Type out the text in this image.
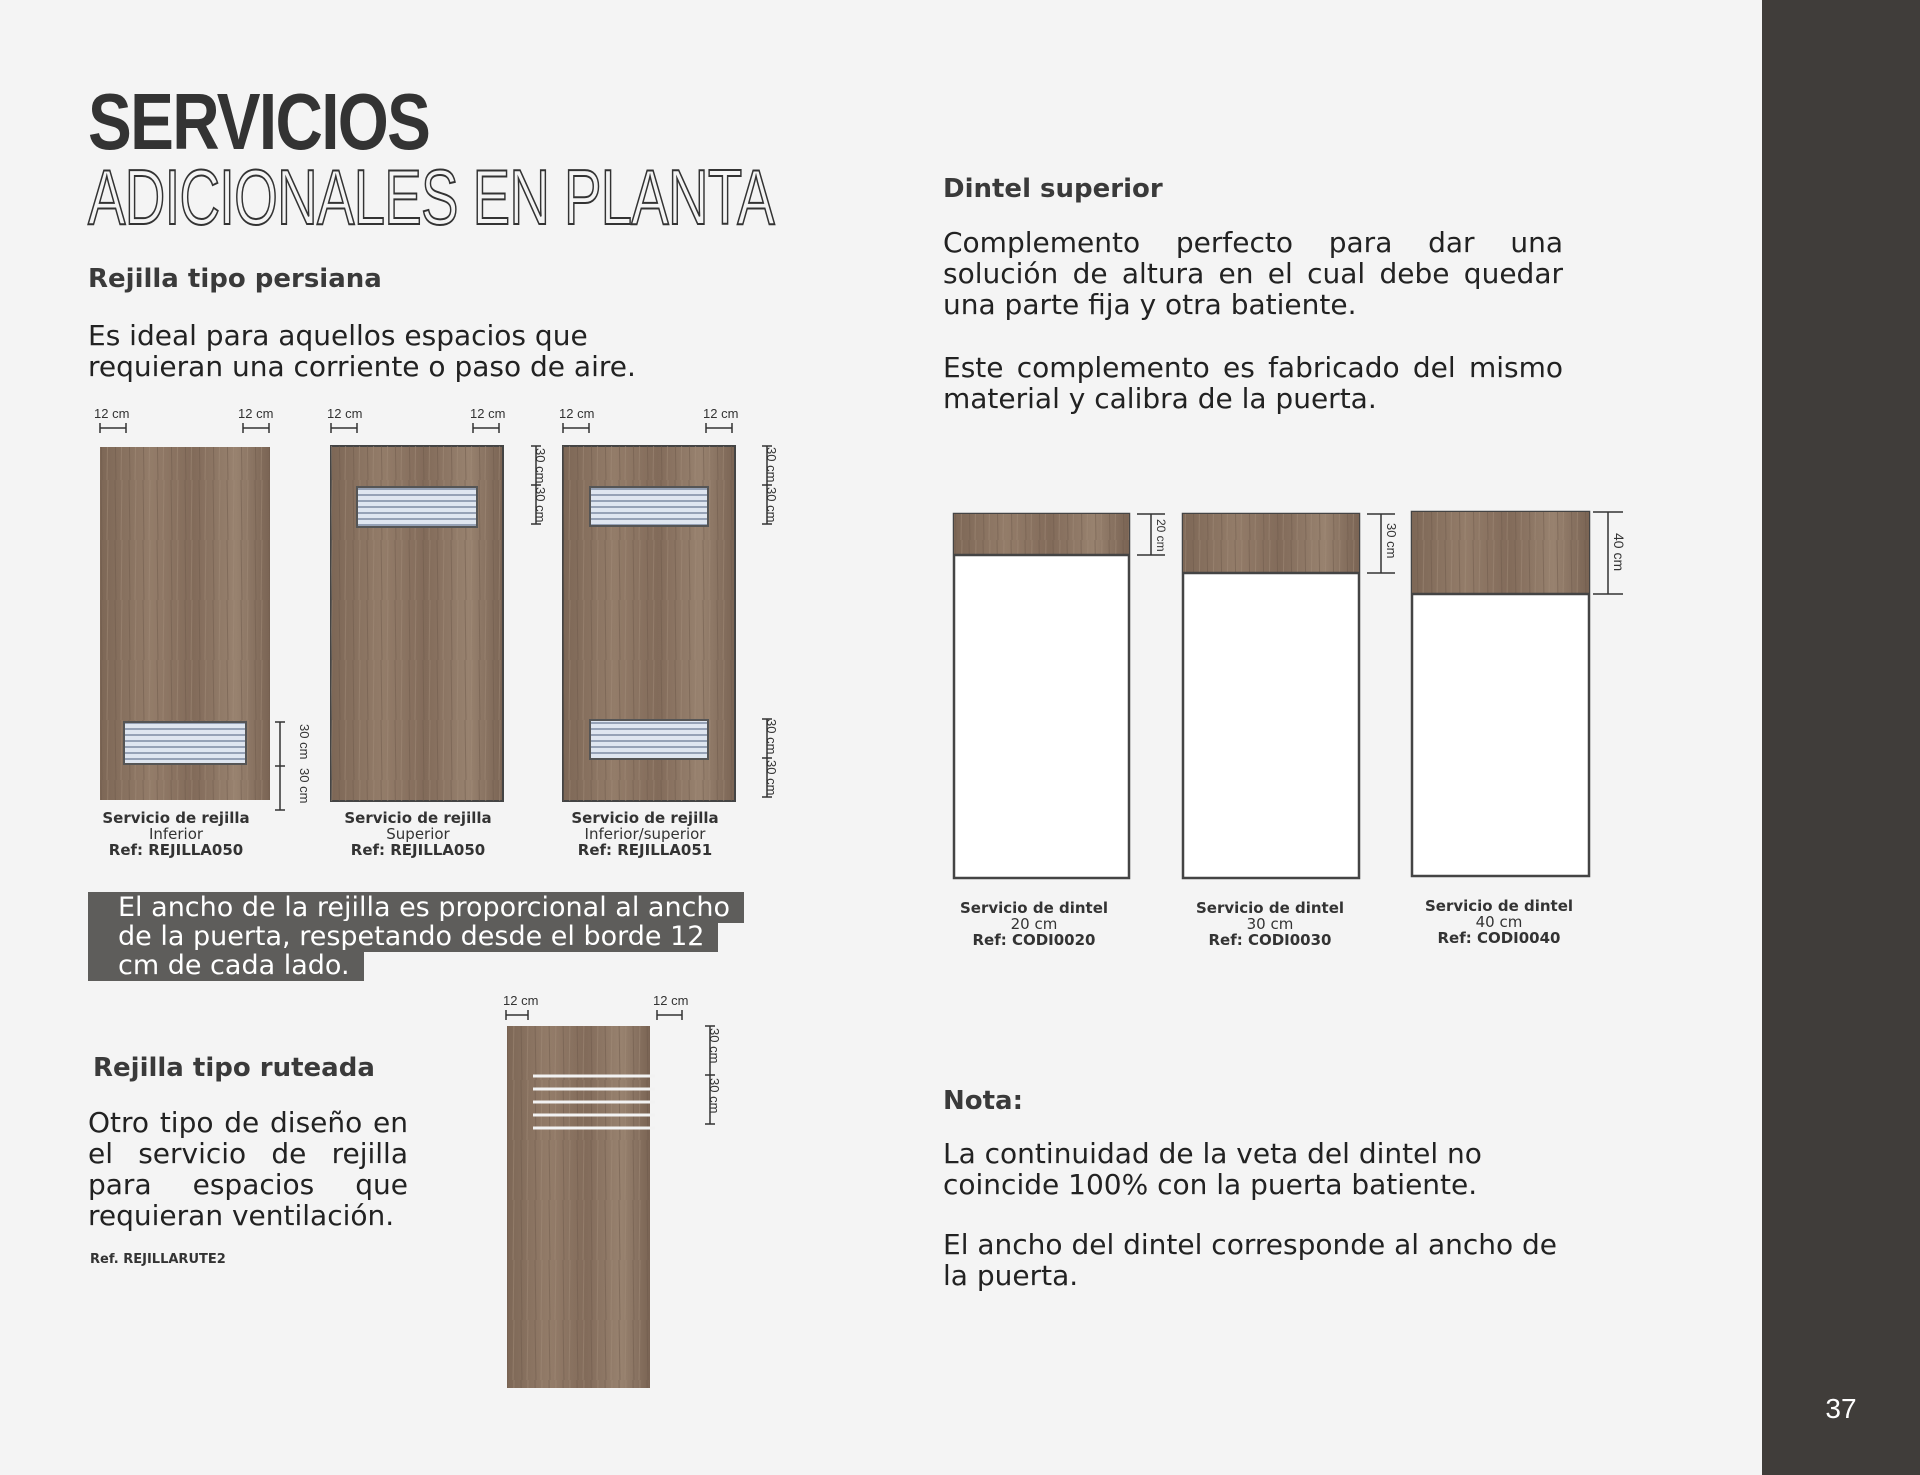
37
SERVICIOS
ADICIONALES EN PLANTA
Rejilla tipo persiana
Es ideal para aquellos espacios que requieran una corriente o paso de aire.
El ancho de la rejilla es proporcional al ancho de la puerta, respetando desde el borde 12 cm de cada lado.
Rejilla tipo ruteada
Otro tipo de diseño en el servicio de rejilla para espacios que requieran ventilación.
Ref. REJILLARUTE2
Dintel superior
Complemento perfecto para dar una solución de altura en el cual debe quedar una parte fija y otra batiente.
Este complemento es fabricado del mismo material y calibra de la puerta.
Nota:
La continuidad de la veta del dintel no coincide 100% con la puerta batiente.
El ancho del dintel corresponde al ancho de la puerta.
Servicio de rejilla
Inferior
Ref: REJILLA050
Servicio de rejilla
Superior
Ref: REJILLA050
Servicio de rejilla
Inferior/superior
Ref: REJILLA051
Servicio de dintel
20 cm
Ref: CODI0020
Servicio de dintel
30 cm
Ref: CODI0030
Servicio de dintel
40 cm
Ref: CODI0040
12 cm	12 cm	12 cm	12 cm	12 cm	12 cm
12 cm	12 cm
30 cm
30 cm
30 cm
30 cm
30 cm
30 cm
30 cm
30 cm
30 cm
30 cm
20 cm	30 cm	40 cm
